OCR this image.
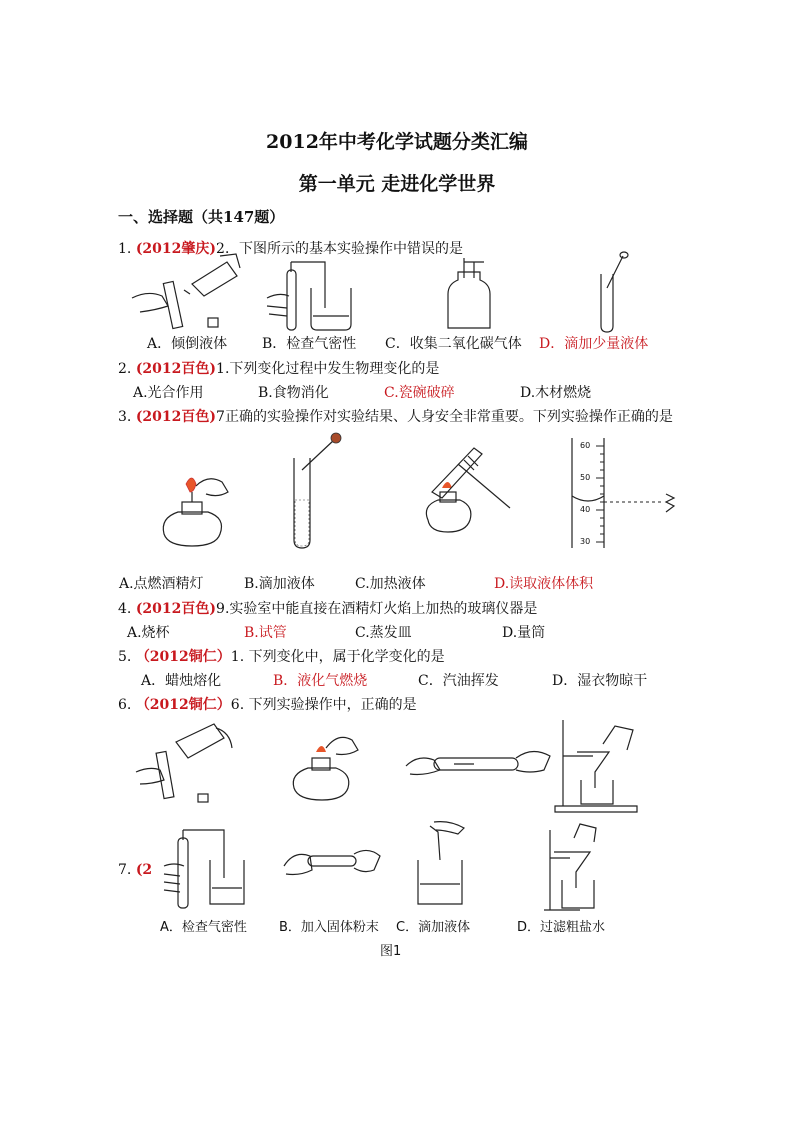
2012年中考化学试题分类汇编
第一单元 走进化学世界
一、选择题（共147题）
1. (2012肇庆)2．下图所示的基本实验操作中错误的是
A．倾倒液体 B．检查气密性 C．收集二氧化碳气体 D．滴加少量液体
2. (2012百色)1.下列变化过程中发生物理变化的是
A.光合作用	B.食物消化	C.瓷碗破碎	D.木材燃烧
3. (2012百色)7正确的实验操作对实验结果、人身安全非常重要。下列实验操作正确的是
60
50
40
30
A.点燃酒精灯	B.滴加液体	C.加热液体	D.读取液体体积
4. (2012百色)9.实验室中能直接在酒精灯火焰上加热的玻璃仪器是
A.烧杯	B.试管	C.蒸发皿	D.量筒
5. （2012铜仁）1. 下列变化中，属于化学变化的是
A．蜡烛熔化	B．液化气燃烧	C．汽油挥发	D．湿衣物晾干
6. （2012铜仁）6. 下列实验操作中，正确的是
7. (2
A．检查气密性 B．加入固体粉末 C．滴加液体	D．过滤粗盐水
图1
